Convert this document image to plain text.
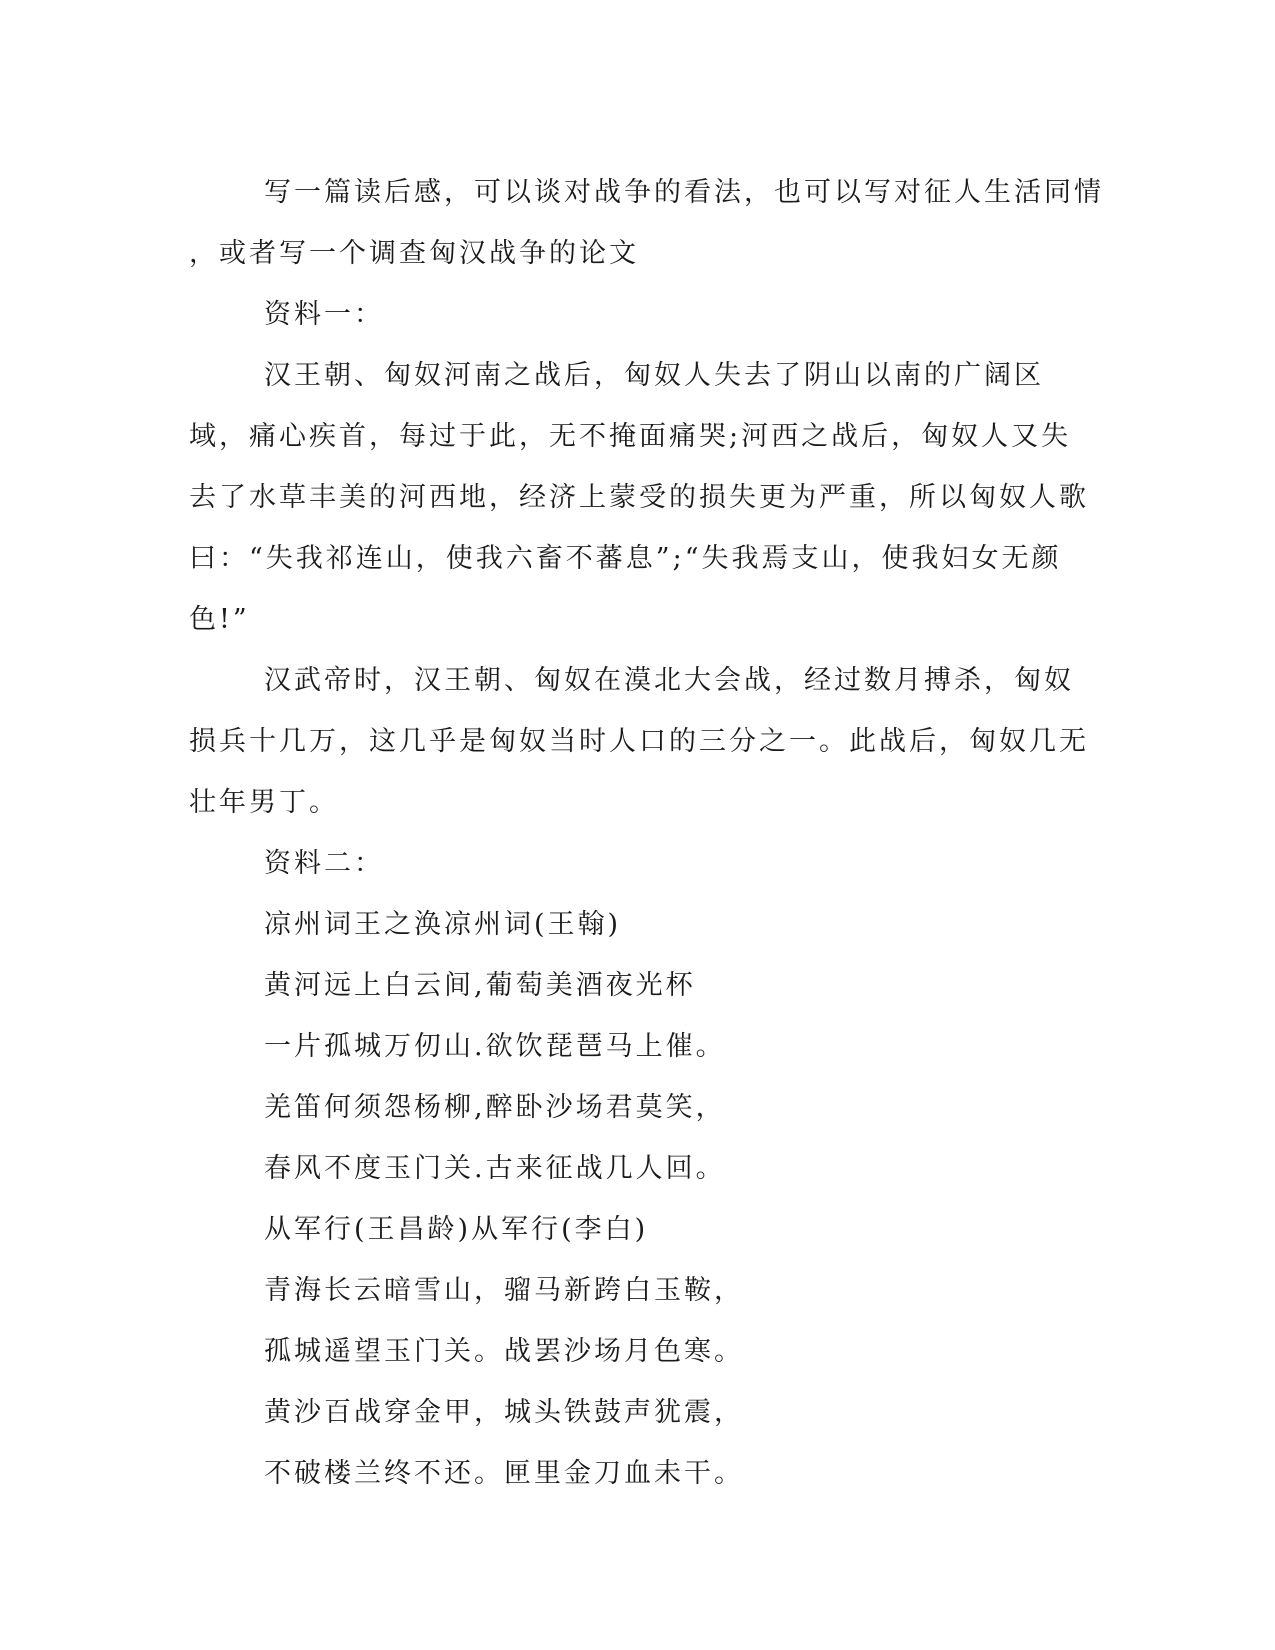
写一篇读后感，可以谈对战争的看法，也可以写对征人生活同情

，或者写一个调查匈汉战争的论文

资料一：

汉王朝、匈奴河南之战后，匈奴人失去了阴山以南的广阔区域，痛心疾首，每过于此，无不掩面痛哭;河西之战后，匈奴人又失去了水草丰美的河西地，经济上蒙受的损失更为严重，所以匈奴人歌曰：“失我祁连山，使我六畜不蕃息”;“失我焉支山，使我妇女无颜色!”

汉武帝时，汉王朝、匈奴在漠北大会战，经过数月搏杀，匈奴损兵十几万，这几乎是匈奴当时人口的三分之一。此战后，匈奴几无壮年男丁。

资料二：

凉州词王之涣凉州词(王翰)

黄河远上白云间,葡萄美酒夜光杯

一片孤城万仞山.欲饮琵琶马上催。

羌笛何须怨杨柳,醉卧沙场君莫笑，

春风不度玉门关.古来征战几人回。

从军行(王昌龄)从军行(李白)

青海长云暗雪山，骝马新跨白玉鞍，

孤城遥望玉门关。战罢沙场月色寒。

黄沙百战穿金甲，城头铁鼓声犹震，

不破楼兰终不还。匣里金刀血未干。
